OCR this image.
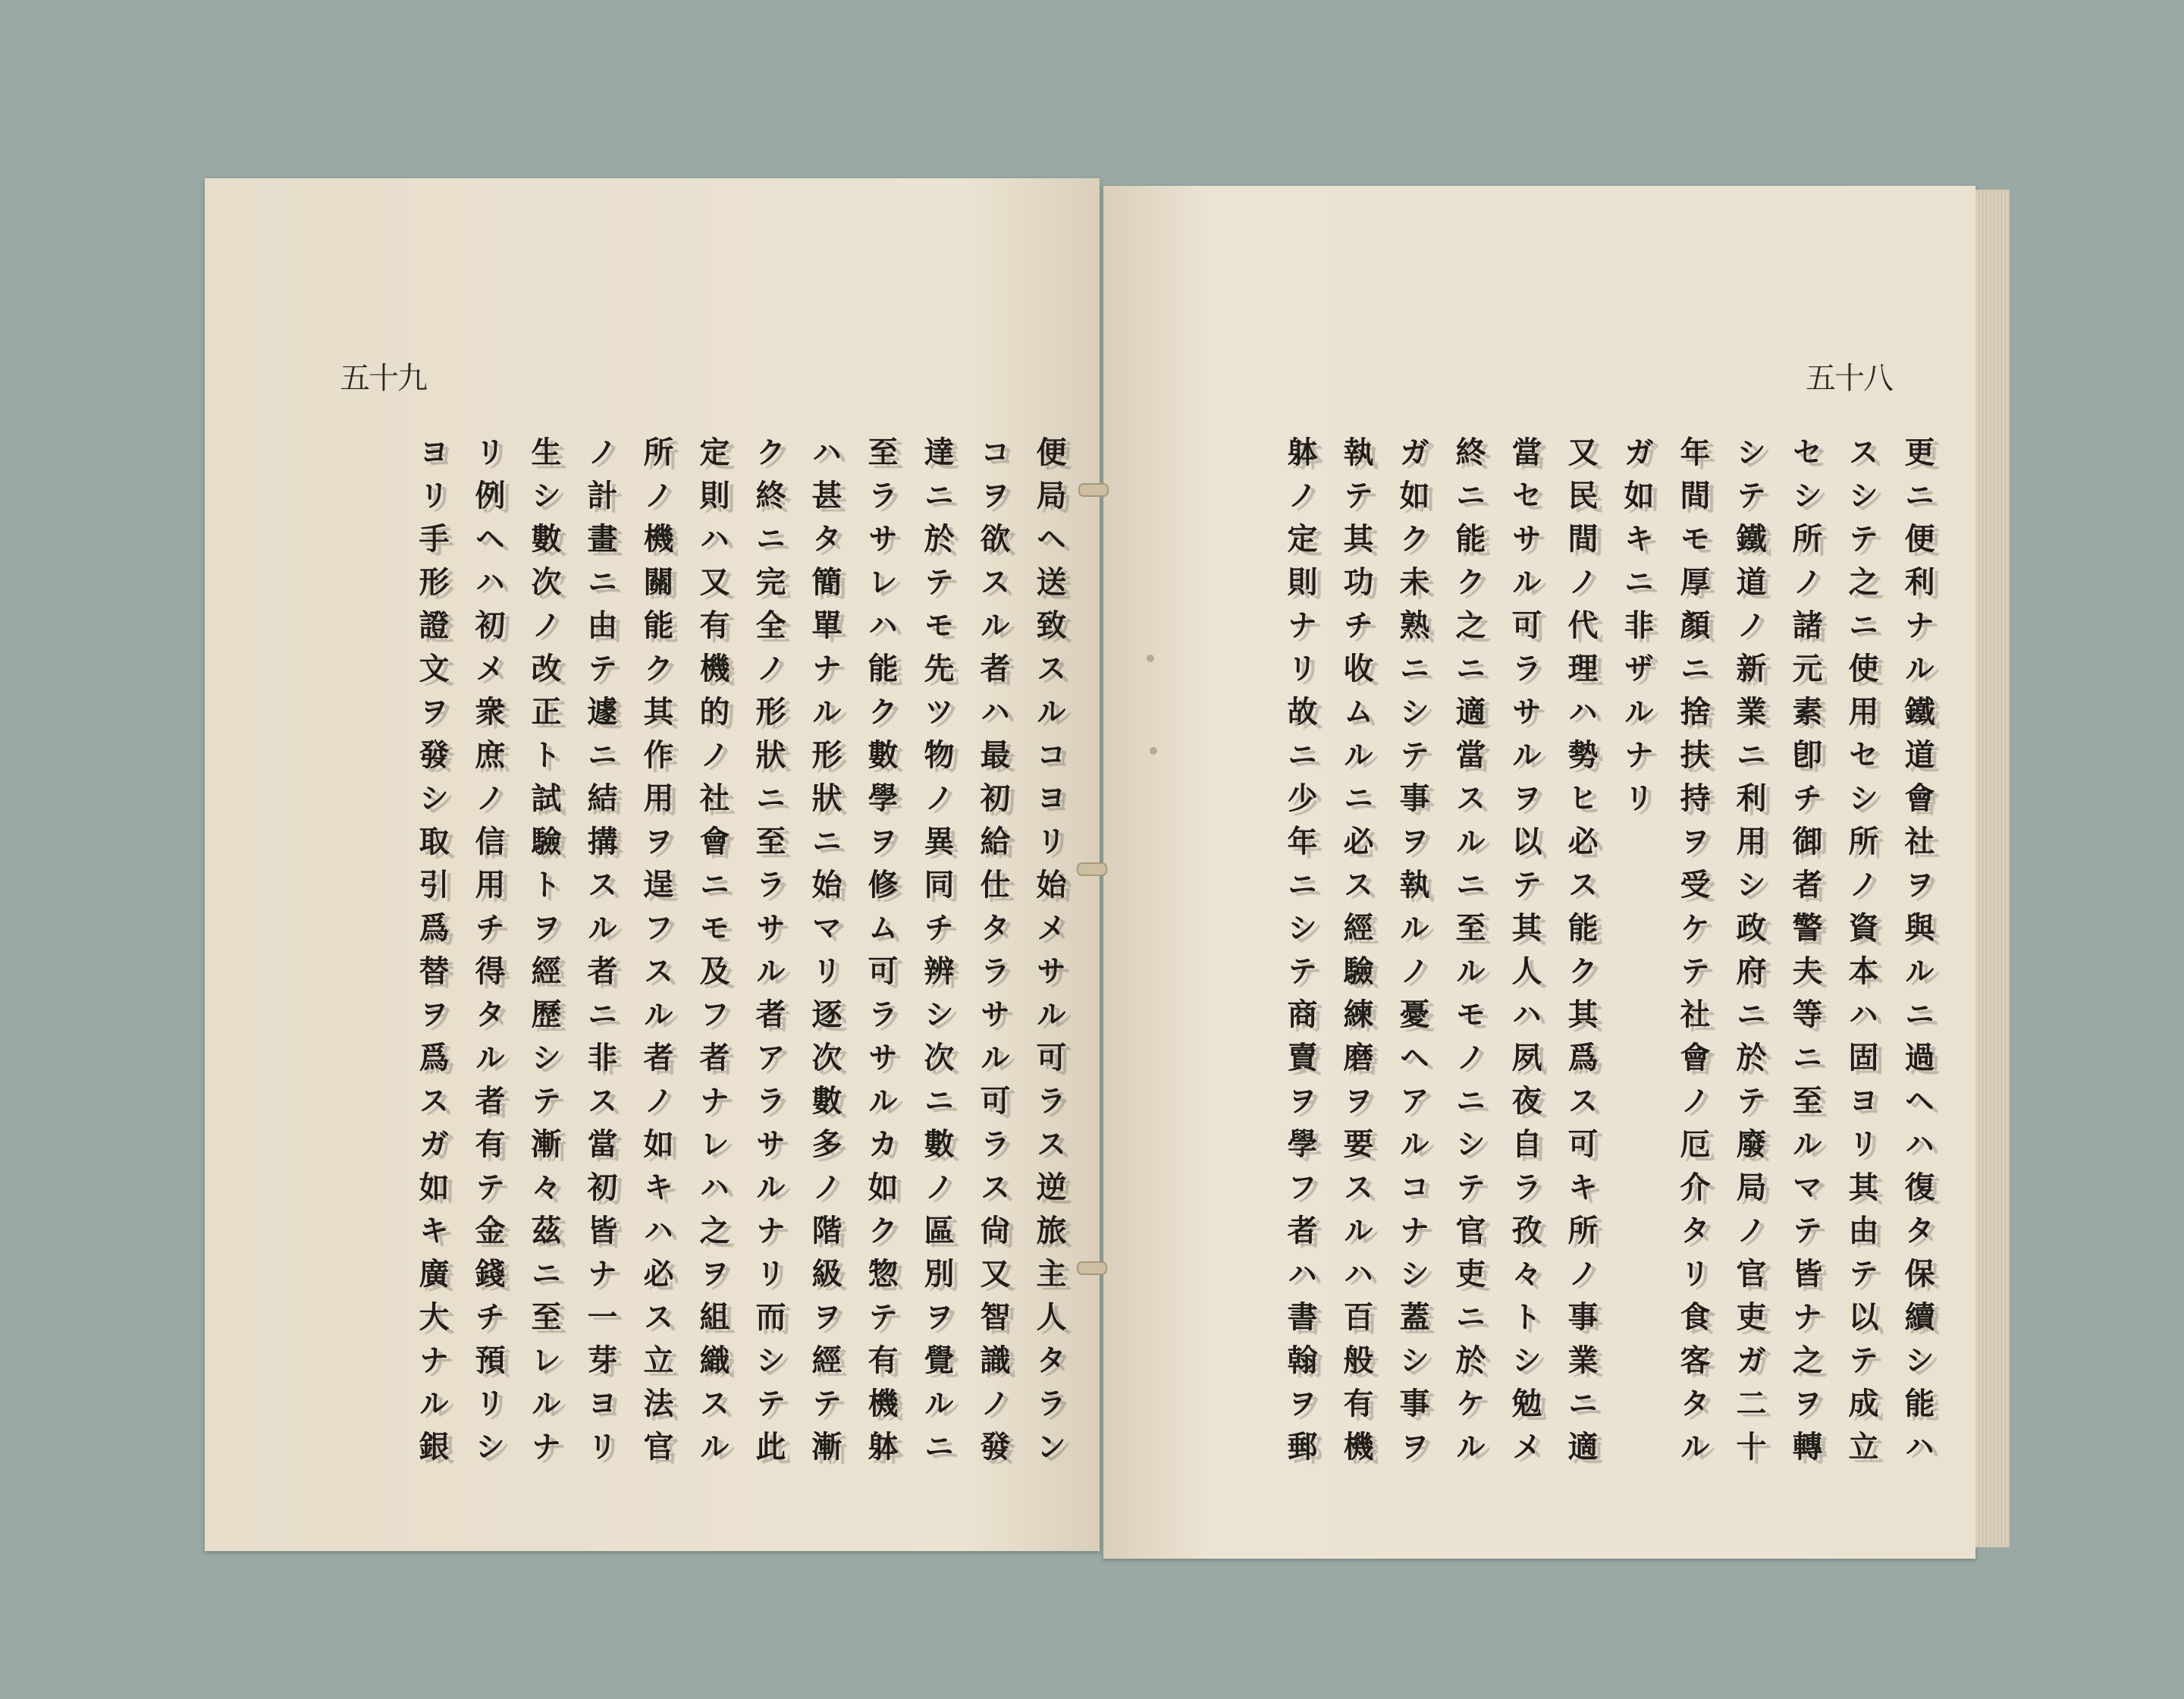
五十九
便局ヘ送致スルコヨリ始メサル可ラス逆旅主人タラン
コヲ欲スル者ハ最初給仕タラサル可ラス尙又智識ノ發
達ニ於テモ先ツ物ノ異同チ辨シ次ニ數ノ區別ヲ覺ルニ
至ラサレハ能ク數學ヲ修ム可ラサルカ如ク惣テ有機躰
ハ甚タ簡單ナル形狀ニ始マリ逐次數多ノ階級ヲ經テ漸
ク終ニ完全ノ形狀ニ至ラサル者アラサルナリ而シテ此
定則ハ又有機的ノ社會ニモ及フ者ナレハ之ヲ組織スル
所ノ機關能ク其作用ヲ逞フスル者ノ如キハ必ス立法官
ノ計畫ニ由テ遽ニ結搆スル者ニ非ス當初皆ナ一芽ヨリ
生シ數次ノ改正ト試驗トヲ經歷シテ漸々茲ニ至レルナ
リ例ヘハ初メ衆庶ノ信用チ得タル者有テ金錢チ預リシ
ヨリ手形證文ヲ發シ取引爲替ヲ爲スガ如キ廣大ナル銀
五十八
更ニ便利ナル鐵道會社ヲ與ルニ過ヘハ復タ保續シ能ハ
スシテ之ニ使用セシ所ノ資本ハ固ヨリ其由テ以テ成立
セシ所ノ諸元素卽チ御者警夫等ニ至ルマテ皆ナ之ヲ轉
シテ鐵道ノ新業ニ利用シ政府ニ於テ廢局ノ官吏ガ二十
年間モ厚顏ニ捨扶持ヲ受ケテ社會ノ厄介タリ食客タル
ガ如キニ非ザルナリ
又民間ノ代理ハ勢ヒ必ス能ク其爲ス可キ所ノ事業ニ適
當セサル可ラサルヲ以テ其人ハ夙夜自ラ孜々トシ勉メ
終ニ能ク之ニ適當スルニ至ルモノニシテ官吏ニ於ケル
ガ如ク未熟ニシテ事ヲ執ルノ憂ヘアルコナシ蓋シ事ヲ
執テ其功チ收ムルニ必ス經驗練磨ヲ要スルハ百般有機
躰ノ定則ナリ故ニ少年ニシテ商賣ヲ學フ者ハ書翰ヲ郵
